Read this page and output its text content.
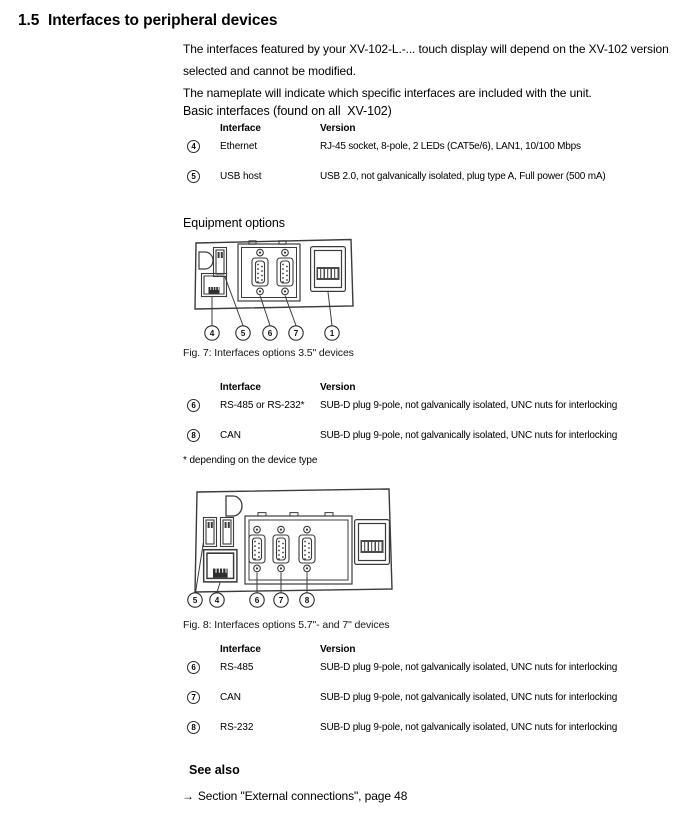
1.5 Interfaces to peripheral devices

The interfaces featured by your XV-102-L.-... touch display will depend on the XV-102 version selected and cannot be modified.

The nameplate will indicate which specific interfaces are included with the unit.

Basic interfaces (found on all  XV-102)
Interface	Version
4	Ethernet	RJ-45 socket, 8-pole, 2 LEDs (CAT5e/6), LAN1, 10/100 Mbps
5	USB host	USB 2.0, not galvanically isolated, plug type A, Full power (500 mA)
Equipment options
4	5	6	7	1
Fig. 7: Interfaces options 3.5" devices
Interface	Version
6	RS-485 or RS-232*	SUB-D plug 9-pole, not galvanically isolated, UNC nuts for interlocking
8	CAN	SUB-D plug 9-pole, not galvanically isolated, UNC nuts for interlocking
* depending on the device type
5 4	6 7	8
Fig. 8: Interfaces options 5.7"- and 7" devices
Interface	Version
6	RS-485	SUB-D plug 9-pole, not galvanically isolated, UNC nuts for interlocking
7	CAN	SUB-D plug 9-pole, not galvanically isolated, UNC nuts for interlocking
8	RS-232	SUB-D plug 9-pole, not galvanically isolated, UNC nuts for interlocking
See also
→ Section "External connections", page 48
